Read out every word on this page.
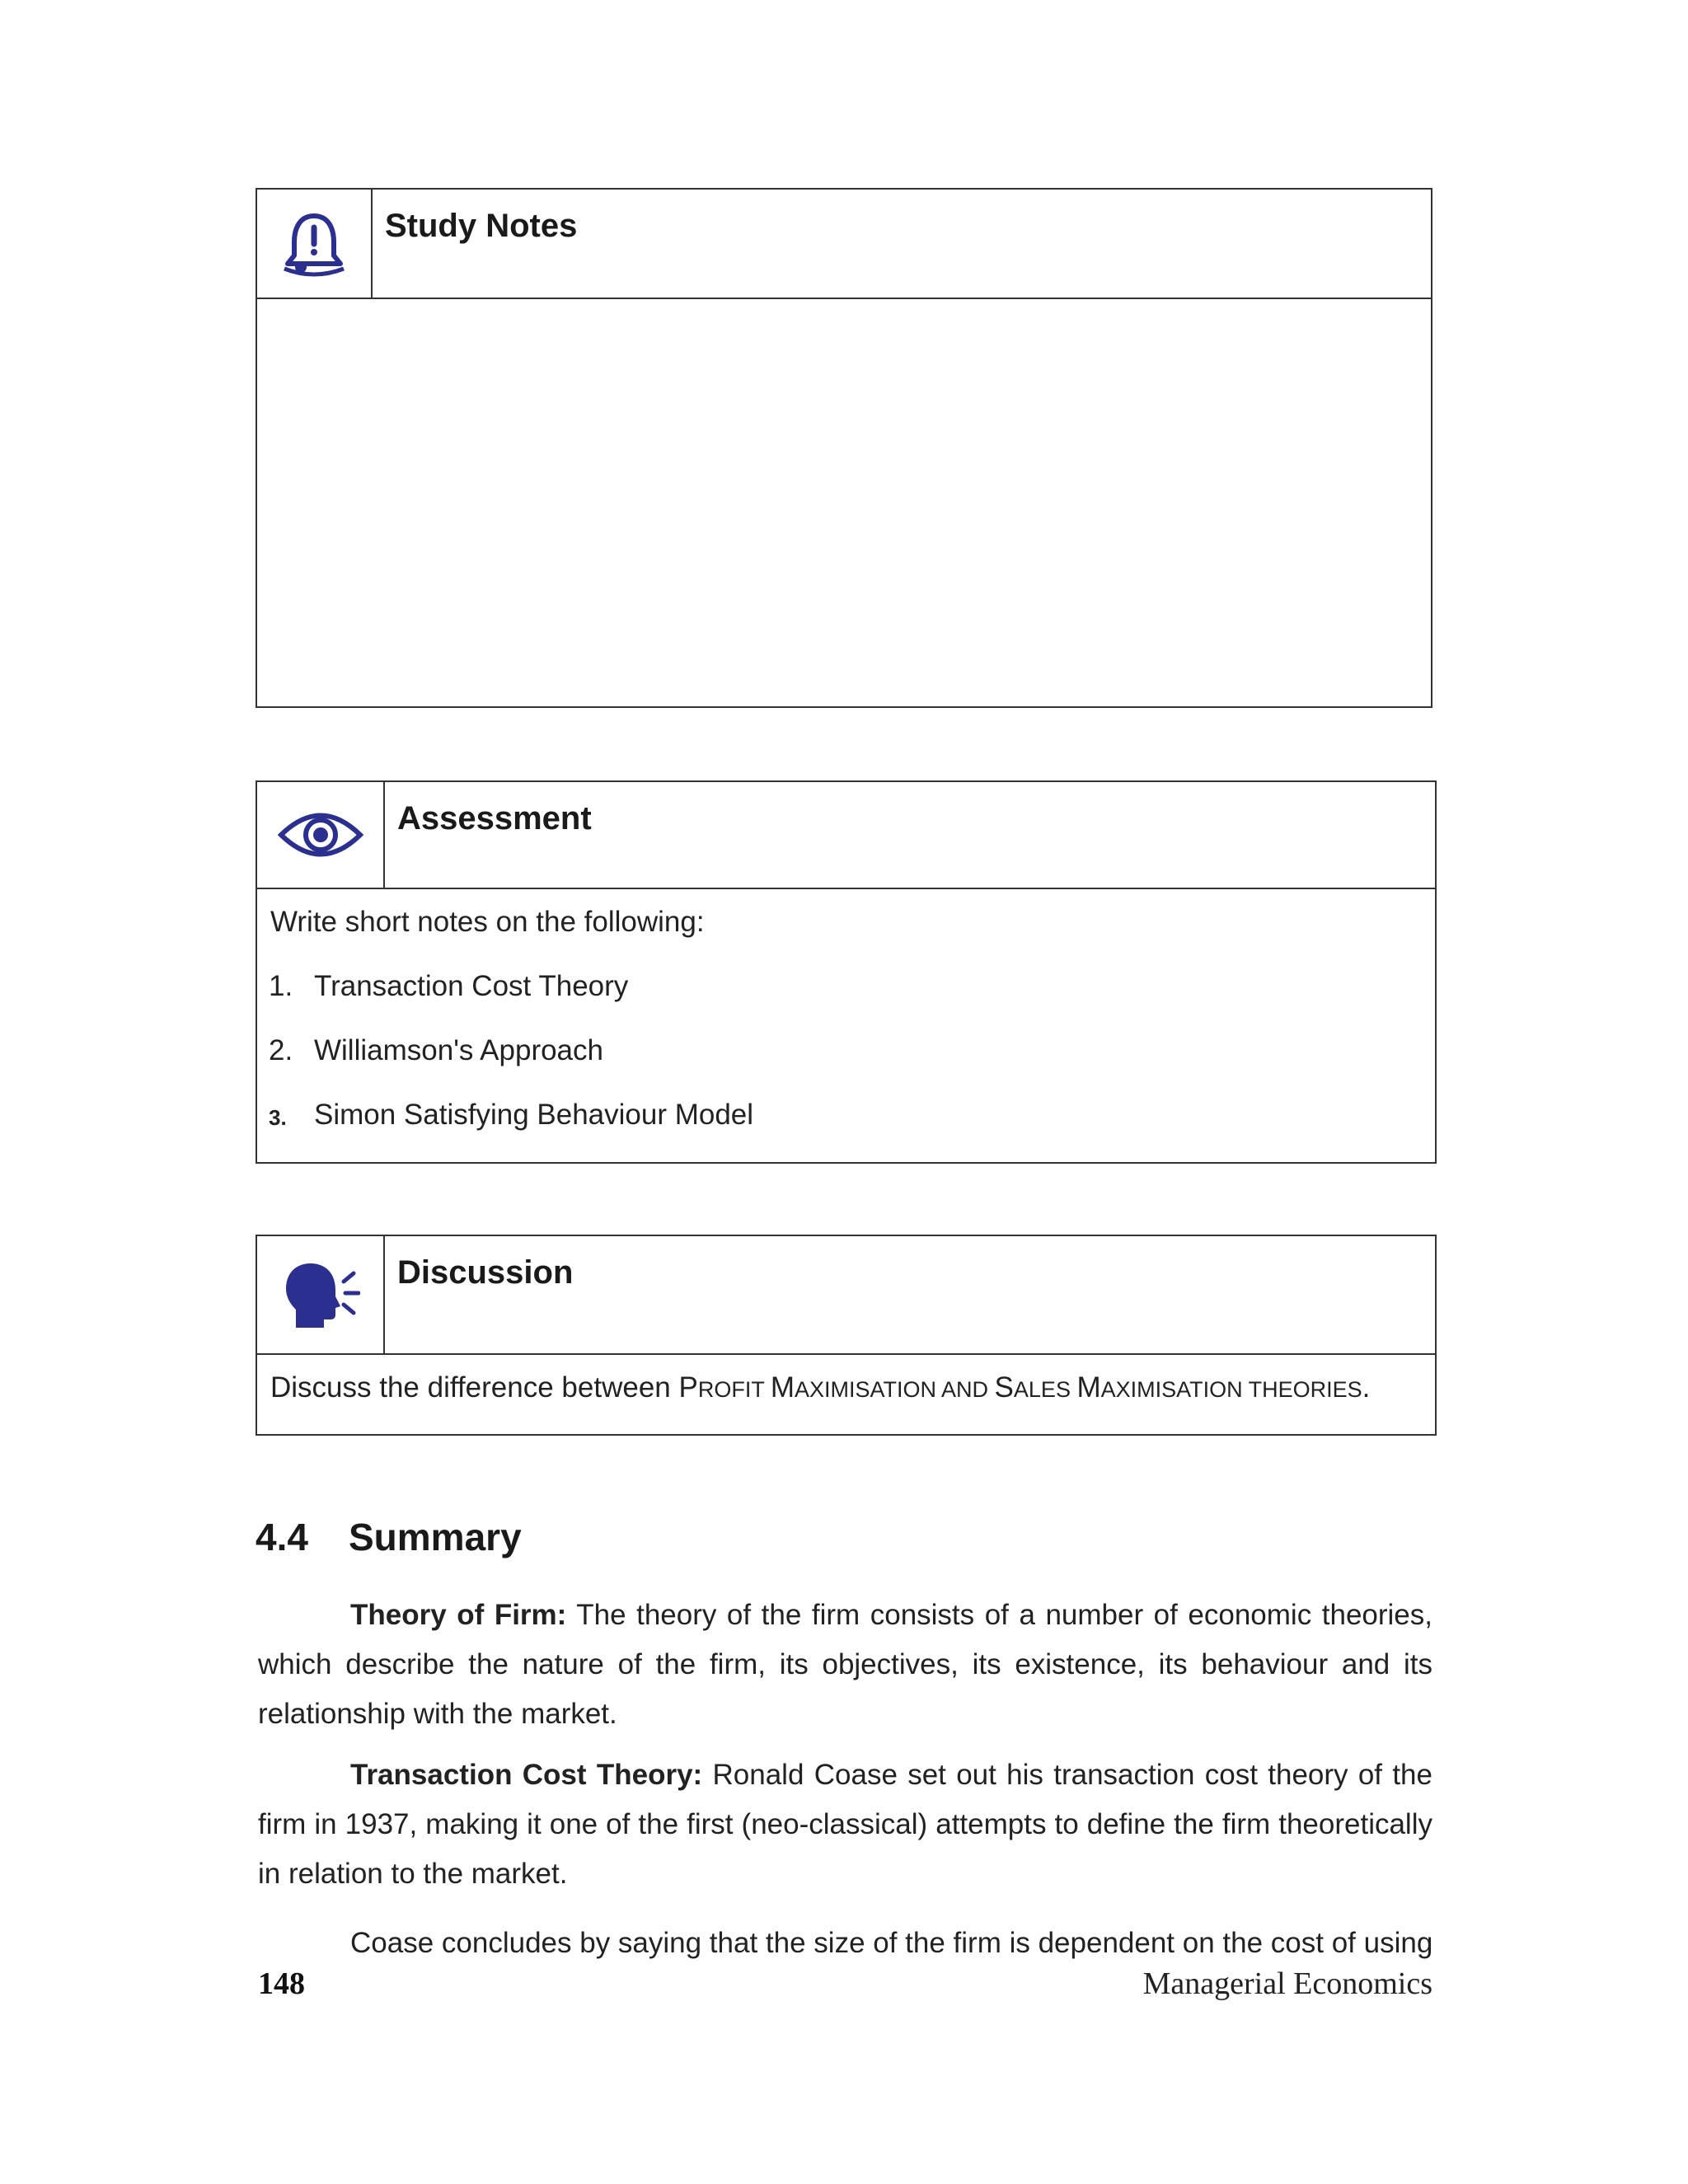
Study Notes
Assessment
Write short notes on the following:
1. Transaction Cost Theory
2. Williamson's Approach
3. Simon Satisfying Behaviour Model
Discussion
Discuss the difference between PROFIT MAXIMISATION AND SALES MAXIMISATION THEORIES.
4.4 Summary
Theory of Firm: The theory of the firm consists of a number of economic theories, which describe the nature of the firm, its objectives, its existence, its behaviour and its relationship with the market.
Transaction Cost Theory: Ronald Coase set out his transaction cost theory of the firm in 1937, making it one of the first (neo-classical) attempts to define the firm theoretically in relation to the market.
Coase concludes by saying that the size of the firm is dependent on the cost of using
148	Managerial Economics
